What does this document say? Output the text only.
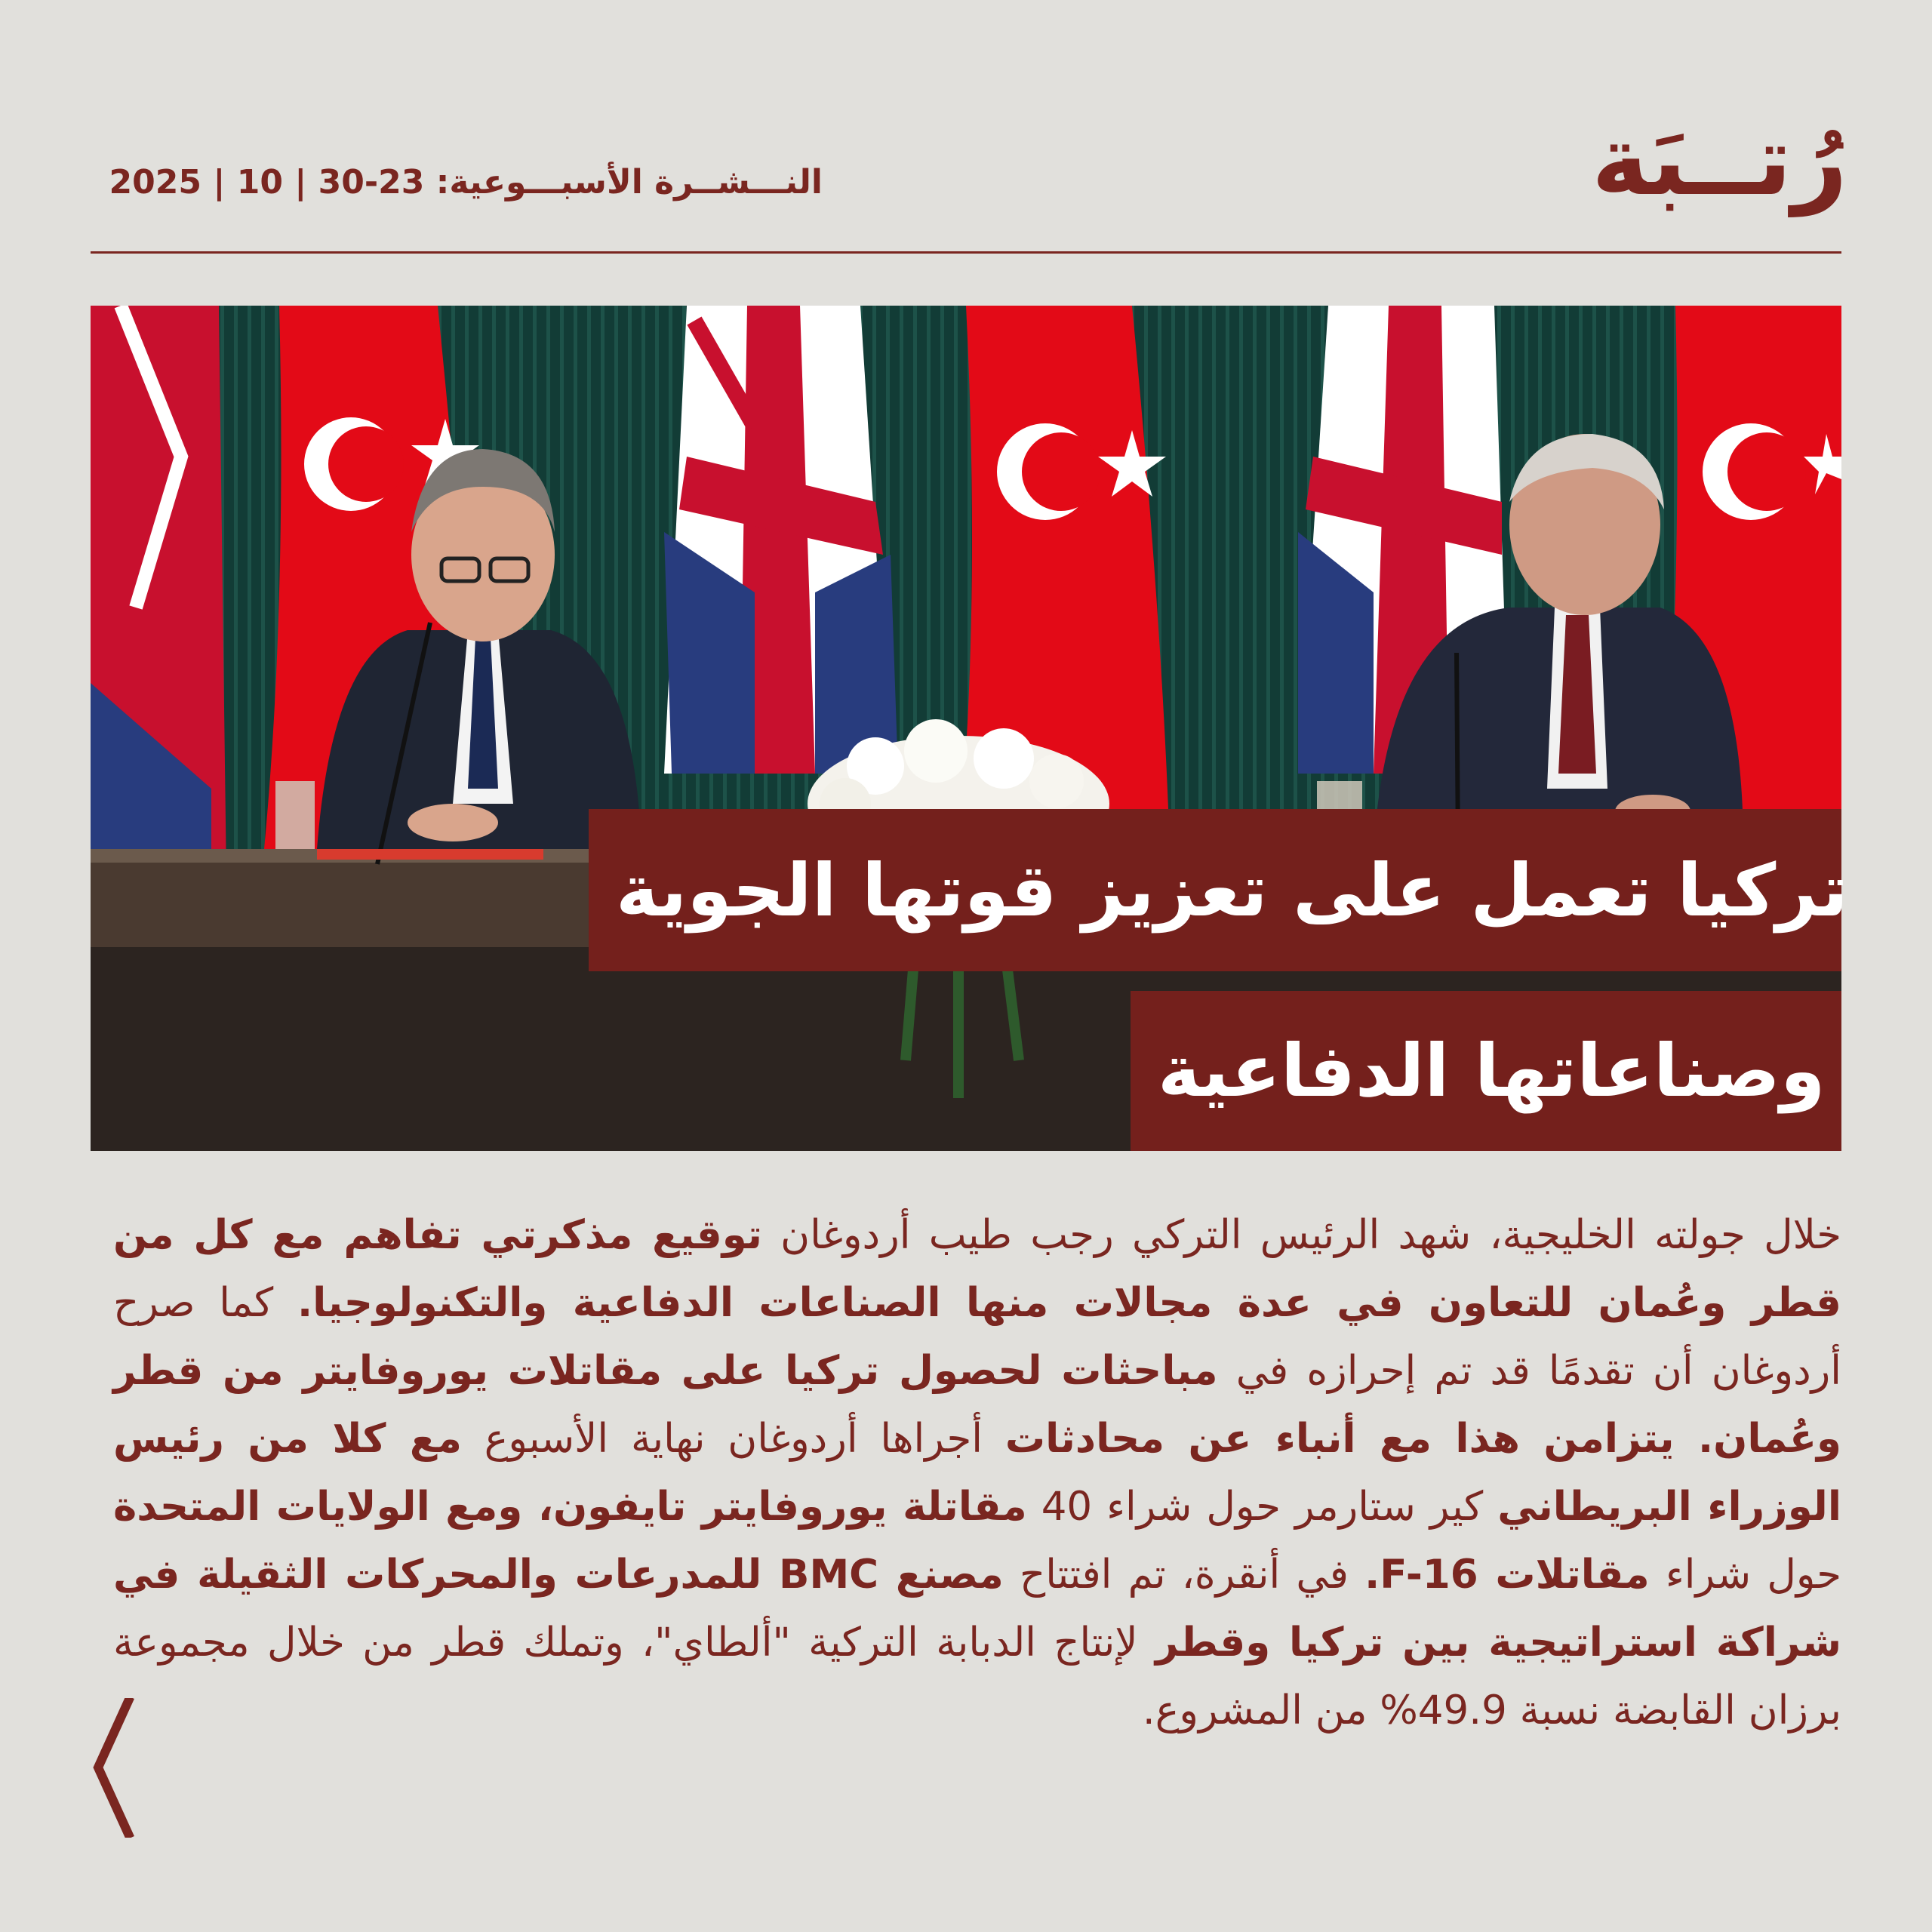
رُتــبَة
النـــشــرة الأسبـــوعية: 23-30 | 10 | 2025
تركيا تعمل على تعزيز قوتها الجوية
وصناعاتها الدفاعية
خلال جولته الخليجية، شهد الرئيس التركي رجب طيب أردوغان توقيع مذكرتي تفاهم مع كل من قطر وعُمان للتعاون في عدة مجالات منها الصناعات الدفاعية والتكنولوجيا. كما صرح أردوغان أن تقدمًا قد تم إحرازه في مباحثات لحصول تركيا على مقاتلات يوروفايتر من قطر وعُمان. يتزامن هذا مع أنباء عن محادثات أجراها أردوغان نهاية الأسبوع مع كلا من رئيس الوزراء البريطاني كير ستارمر حول شراء 40 مقاتلة يوروفايتر تايفون، ومع الولايات المتحدة حول شراء مقاتلات F-16. في أنقرة، تم افتتاح مصنع BMC للمدرعات والمحركات الثقيلة في شراكة استراتيجية بين تركيا وقطر لإنتاج الدبابة التركية "ألطاي"، وتملك قطر من خلال مجموعة برزان القابضة نسبة 49.9% من المشروع.
